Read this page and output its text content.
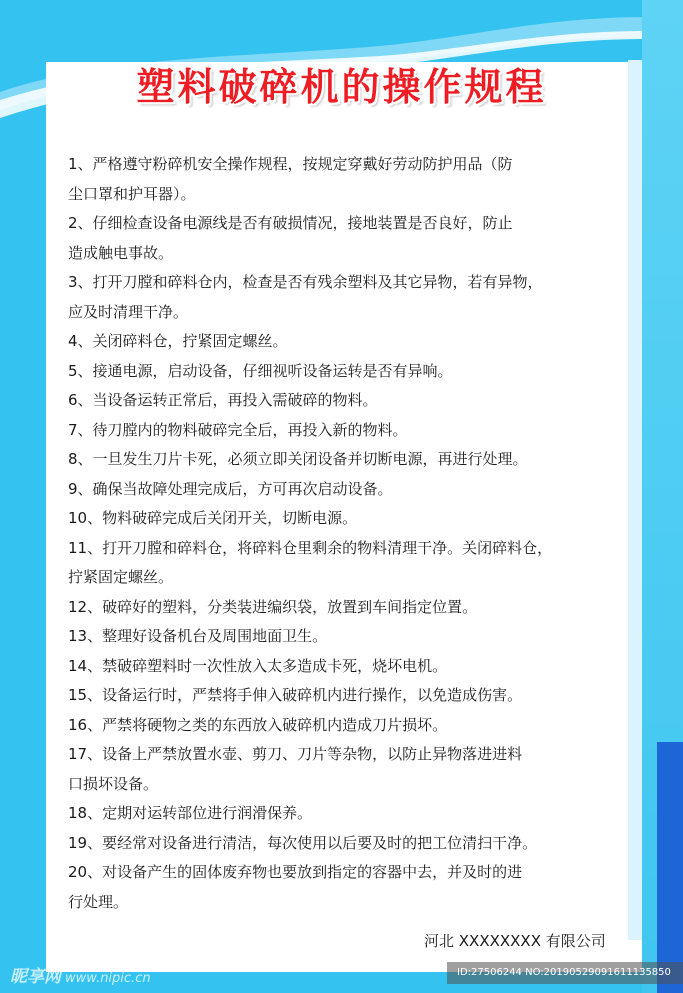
塑料破碎机的操作规程
1、严格遵守粉碎机安全操作规程，按规定穿戴好劳动防护用品（防
尘口罩和护耳器）。
2、仔细检查设备电源线是否有破损情况，接地装置是否良好，防止
造成触电事故。
3、打开刀膛和碎料仓内，检查是否有残余塑料及其它异物，若有异物，
应及时清理干净。
4、关闭碎料仓，拧紧固定螺丝。
5、接通电源，启动设备，仔细视听设备运转是否有异响。
6、当设备运转正常后，再投入需破碎的物料。
7、待刀膛内的物料破碎完全后，再投入新的物料。
8、一旦发生刀片卡死，必须立即关闭设备并切断电源，再进行处理。
9、确保当故障处理完成后，方可再次启动设备。
10、物料破碎完成后关闭开关，切断电源。
11、打开刀膛和碎料仓，将碎料仓里剩余的物料清理干净。关闭碎料仓，
拧紧固定螺丝。
12、破碎好的塑料，分类装进编织袋，放置到车间指定位置。
13、整理好设备机台及周围地面卫生。
14、禁破碎塑料时一次性放入太多造成卡死，烧坏电机。
15、设备运行时，严禁将手伸入破碎机内进行操作，以免造成伤害。
16、严禁将硬物之类的东西放入破碎机内造成刀片损坏。
17、设备上严禁放置水壶、剪刀、刀片等杂物，以防止异物落进进料
口损坏设备。
18、定期对运转部位进行润滑保养。
19、要经常对设备进行清洁，每次使用以后要及时的把工位清扫干净。
20、对设备产生的固体废弃物也要放到指定的容器中去，并及时的进
行处理。
河北 XXXXXXXX 有限公司
昵享网 www.nipic.cn	ID:27506244 NO:20190529091611135850
